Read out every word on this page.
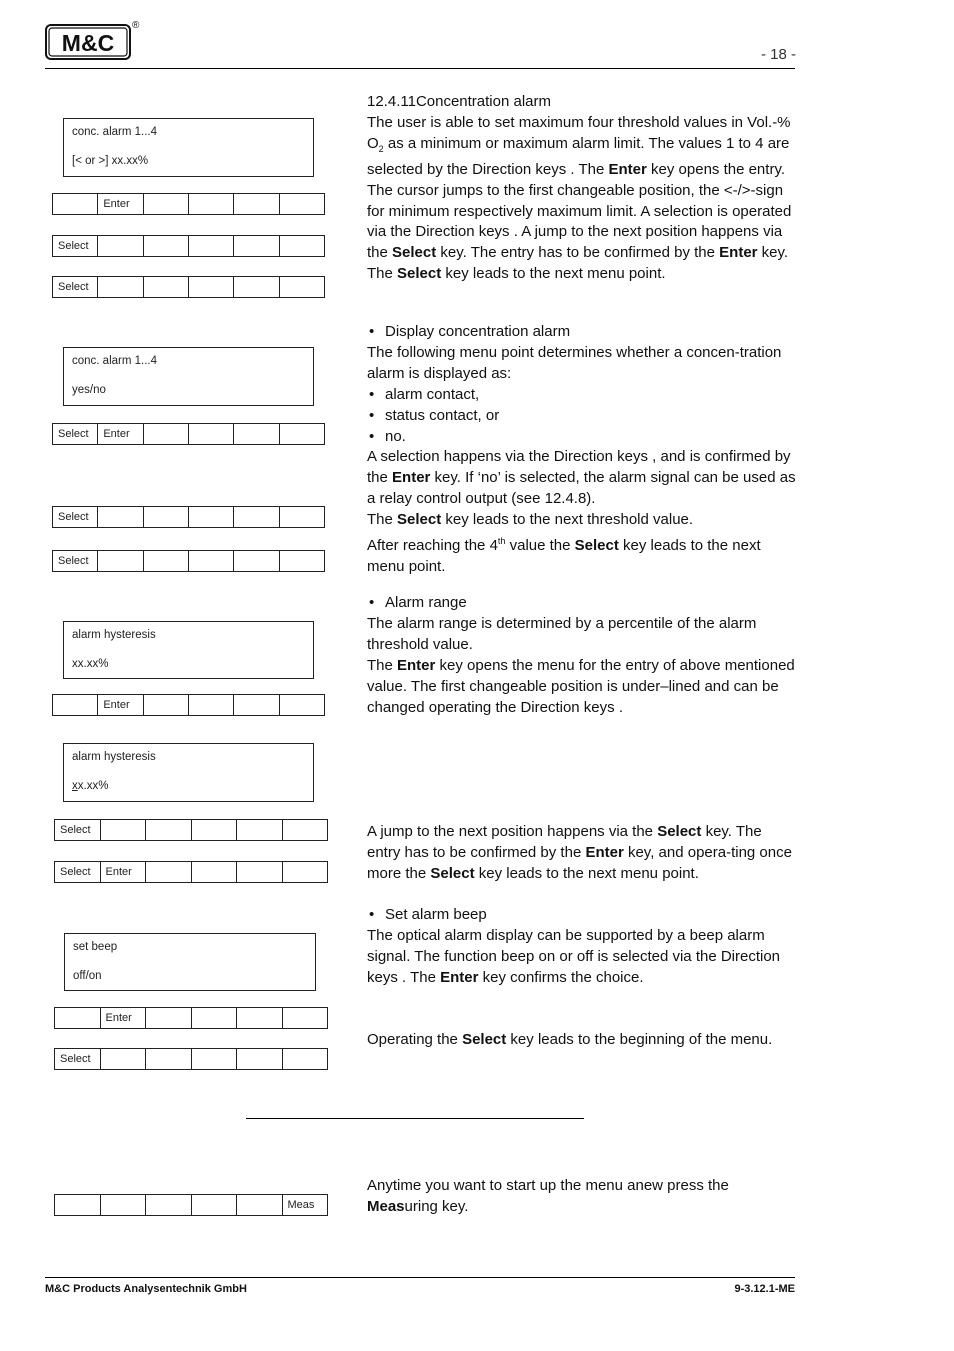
M&C
®
- 18 -
conc. alarm 1...4
[< or >] xx.xx%
Enter
Select
Select
conc. alarm 1...4
yes/no
Select	Enter
Select
Select
alarm hysteresis
xx.xx%
Enter
alarm hysteresis
xx.xx%
Select
Select	Enter
set beep
off/on
Enter
Select
Meas

12.4.11Concentration alarm

The user is able to set maximum four threshold values in Vol.-% $O_2$ as a minimum or maximum alarm limit. The values 1 to 4 are selected by the Direction keys . The Enter key opens the entry. The cursor jumps to the first changeable position, the <-/>-sign for minimum respectively maximum limit. A selection is operated via the Direction keys . A jump to the next position happens via the Select key. The entry has to be confirmed by the Enter key.

The Select key leads to the next menu point.

• Display concentration alarm

The following menu point determines whether a concen-tration alarm is displayed as:

• alarm contact,

• status contact, or

• no.

A selection happens via the Direction keys , and is confirmed by the Enter key. If ‘no’ is selected, the alarm signal can be used as a relay control output (see 12.4.8).

The Select key leads to the next threshold value.

After reaching the 4th value the Select key leads to the next menu point.

• Alarm range

The alarm range is determined by a percentile of the alarm threshold value.

The Enter key opens the menu for the entry of above mentioned value. The first changeable position is under–lined and can be changed operating the Direction keys .

A jump to the next position happens via the Select key. The entry has to be confirmed by the Enter key, and opera-ting once more the Select key leads to the next menu point.

• Set alarm beep

The optical alarm display can be supported by a beep alarm signal. The function beep on or off is selected via the Direction keys . The Enter key confirms the choice.

Operating the Select key leads to the beginning of the menu.

Anytime you want to start up the menu anew press the Measuring key.

M&C Products Analysentechnik GmbH	9-3.12.1-ME
